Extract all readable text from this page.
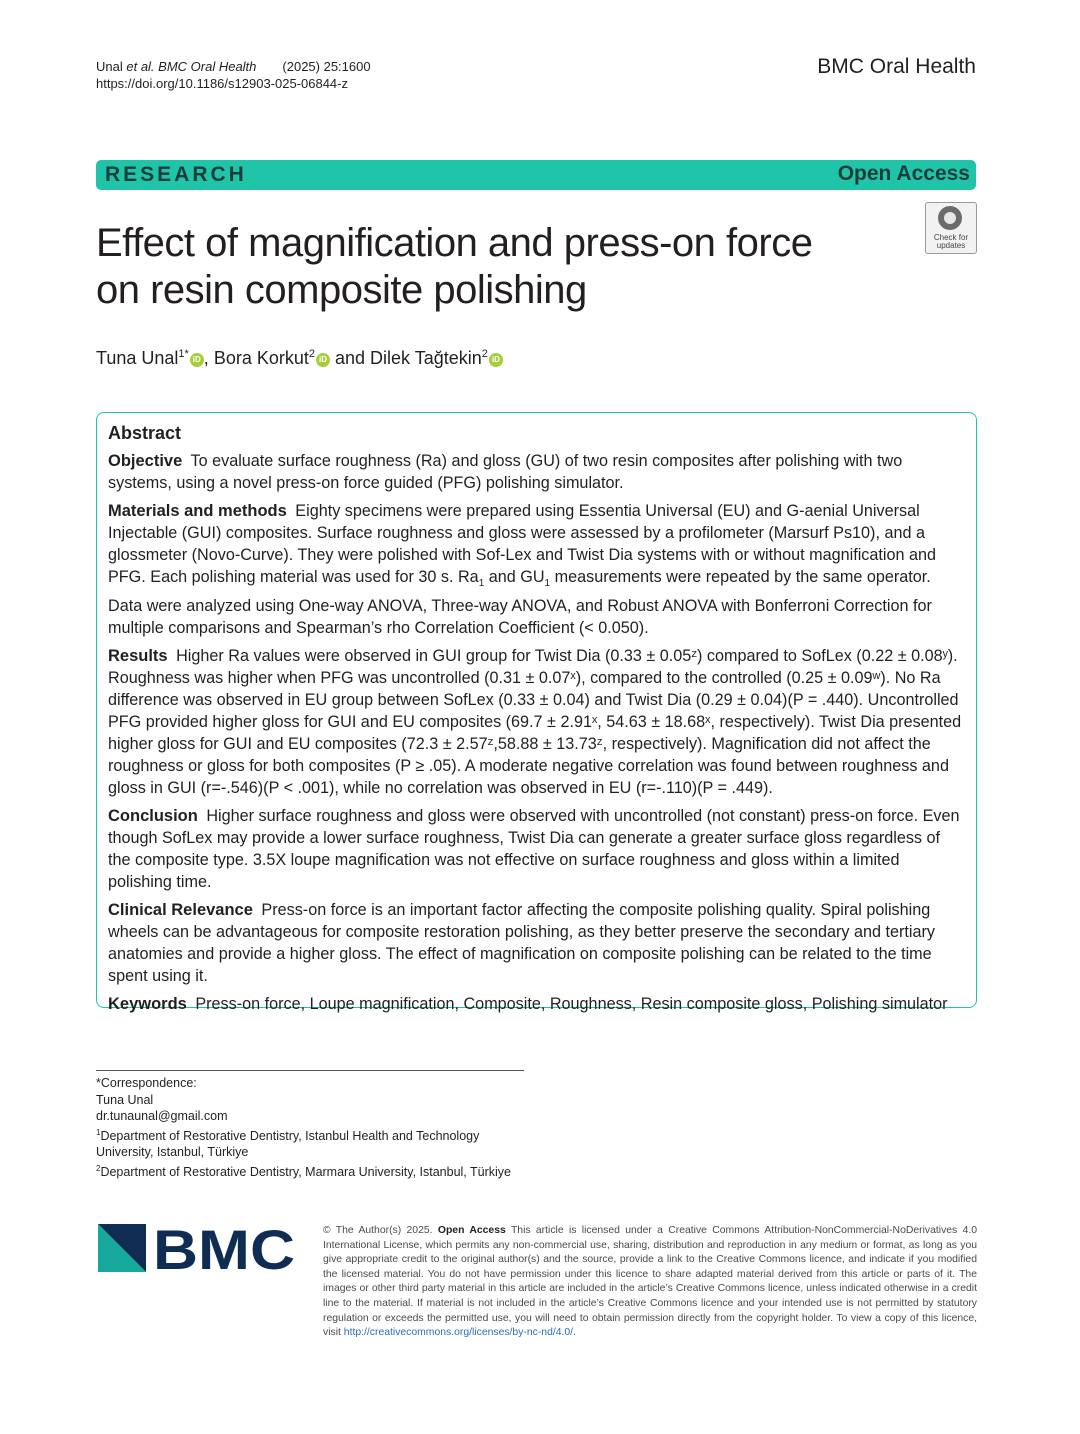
Unal et al. BMC Oral Health (2025) 25:1600
https://doi.org/10.1186/s12903-025-06844-z
BMC Oral Health
RESEARCH	Open Access
Check for
updates
Effect of magnification and press-on force
on resin composite polishing
Tuna Unal$^{1*}$ iD , Bora Korkut$^2$ iD and Dilek Tağtekin$^2$ iD
Abstract

Objective To evaluate surface roughness (Ra) and gloss (GU) of two resin composites after polishing with two systems, using a novel press-on force guided (PFG) polishing simulator.

Materials and methods Eighty specimens were prepared using Essentia Universal (EU) and G-aenial Universal Injectable (GUI) composites. Surface roughness and gloss were assessed by a profilometer (Marsurf Ps10), and a glossmeter (Novo-Curve). They were polished with Sof-Lex and Twist Dia systems with or without magnification and PFG. Each polishing material was used for 30 s. $Ra_1$ and $GU_1$ measurements were repeated by the same operator. Data were analyzed using One-way ANOVA, Three-way ANOVA, and Robust ANOVA with Bonferroni Correction for multiple comparisons and Spearman’s rho Correlation Coefficient (< 0.050).

Results Higher Ra values were observed in GUI group for Twist Dia (0.33 ± 0.05ᶻ) compared to SofLex (0.22 ± 0.08ʸ). Roughness was higher when PFG was uncontrolled (0.31 ± 0.07ˣ), compared to the controlled (0.25 ± 0.09ʷ). No Ra difference was observed in EU group between SofLex (0.33 ± 0.04) and Twist Dia (0.29 ± 0.04)(P = .440). Uncontrolled PFG provided higher gloss for GUI and EU composites (69.7 ± 2.91ˣ, 54.63 ± 18.68ˣ, respectively). Twist Dia presented higher gloss for GUI and EU composites (72.3 ± 2.57ᶻ,58.88 ± 13.73ᶻ, respectively). Magnification did not affect the roughness or gloss for both composites (P ≥ .05). A moderate negative correlation was found between roughness and gloss in GUI (r=-.546)(P < .001), while no correlation was observed in EU (r=-.110)(P = .449).

Conclusion Higher surface roughness and gloss were observed with uncontrolled (not constant) press-on force. Even though SofLex may provide a lower surface roughness, Twist Dia can generate a greater surface gloss regardless of the composite type. 3.5X loupe magnification was not effective on surface roughness and gloss within a limited polishing time.

Clinical Relevance Press-on force is an important factor affecting the composite polishing quality. Spiral polishing wheels can be advantageous for composite restoration polishing, as they better preserve the secondary and tertiary anatomies and provide a higher gloss. The effect of magnification on composite polishing can be related to the time spent using it.

Keywords Press-on force, Loupe magnification, Composite, Roughness, Resin composite gloss, Polishing simulator

*Correspondence:
Tuna Unal
dr.tunaunal@gmail.com
$^1$Department of Restorative Dentistry, Istanbul Health and Technology University, Istanbul, Türkiye
$^2$Department of Restorative Dentistry, Marmara University, Istanbul, Türkiye
BMC	© The Author(s) 2025. Open Access This article is licensed under a Creative Commons Attribution-NonCommercial-NoDerivatives 4.0 International License, which permits any non-commercial use, sharing, distribution and reproduction in any medium or format, as long as you give appropriate credit to the original author(s) and the source, provide a link to the Creative Commons licence, and indicate if you modified the licensed material. You do not have permission under this licence to share adapted material derived from this article or parts of it. The images or other third party material in this article are included in the article’s Creative Commons licence, unless indicated otherwise in a credit line to the material. If material is not included in the article’s Creative Commons licence and your intended use is not permitted by statutory regulation or exceeds the permitted use, you will need to obtain permission directly from the copyright holder. To view a copy of this licence, visit http://creativecommons.org/licenses/by-nc-nd/4.0/.
